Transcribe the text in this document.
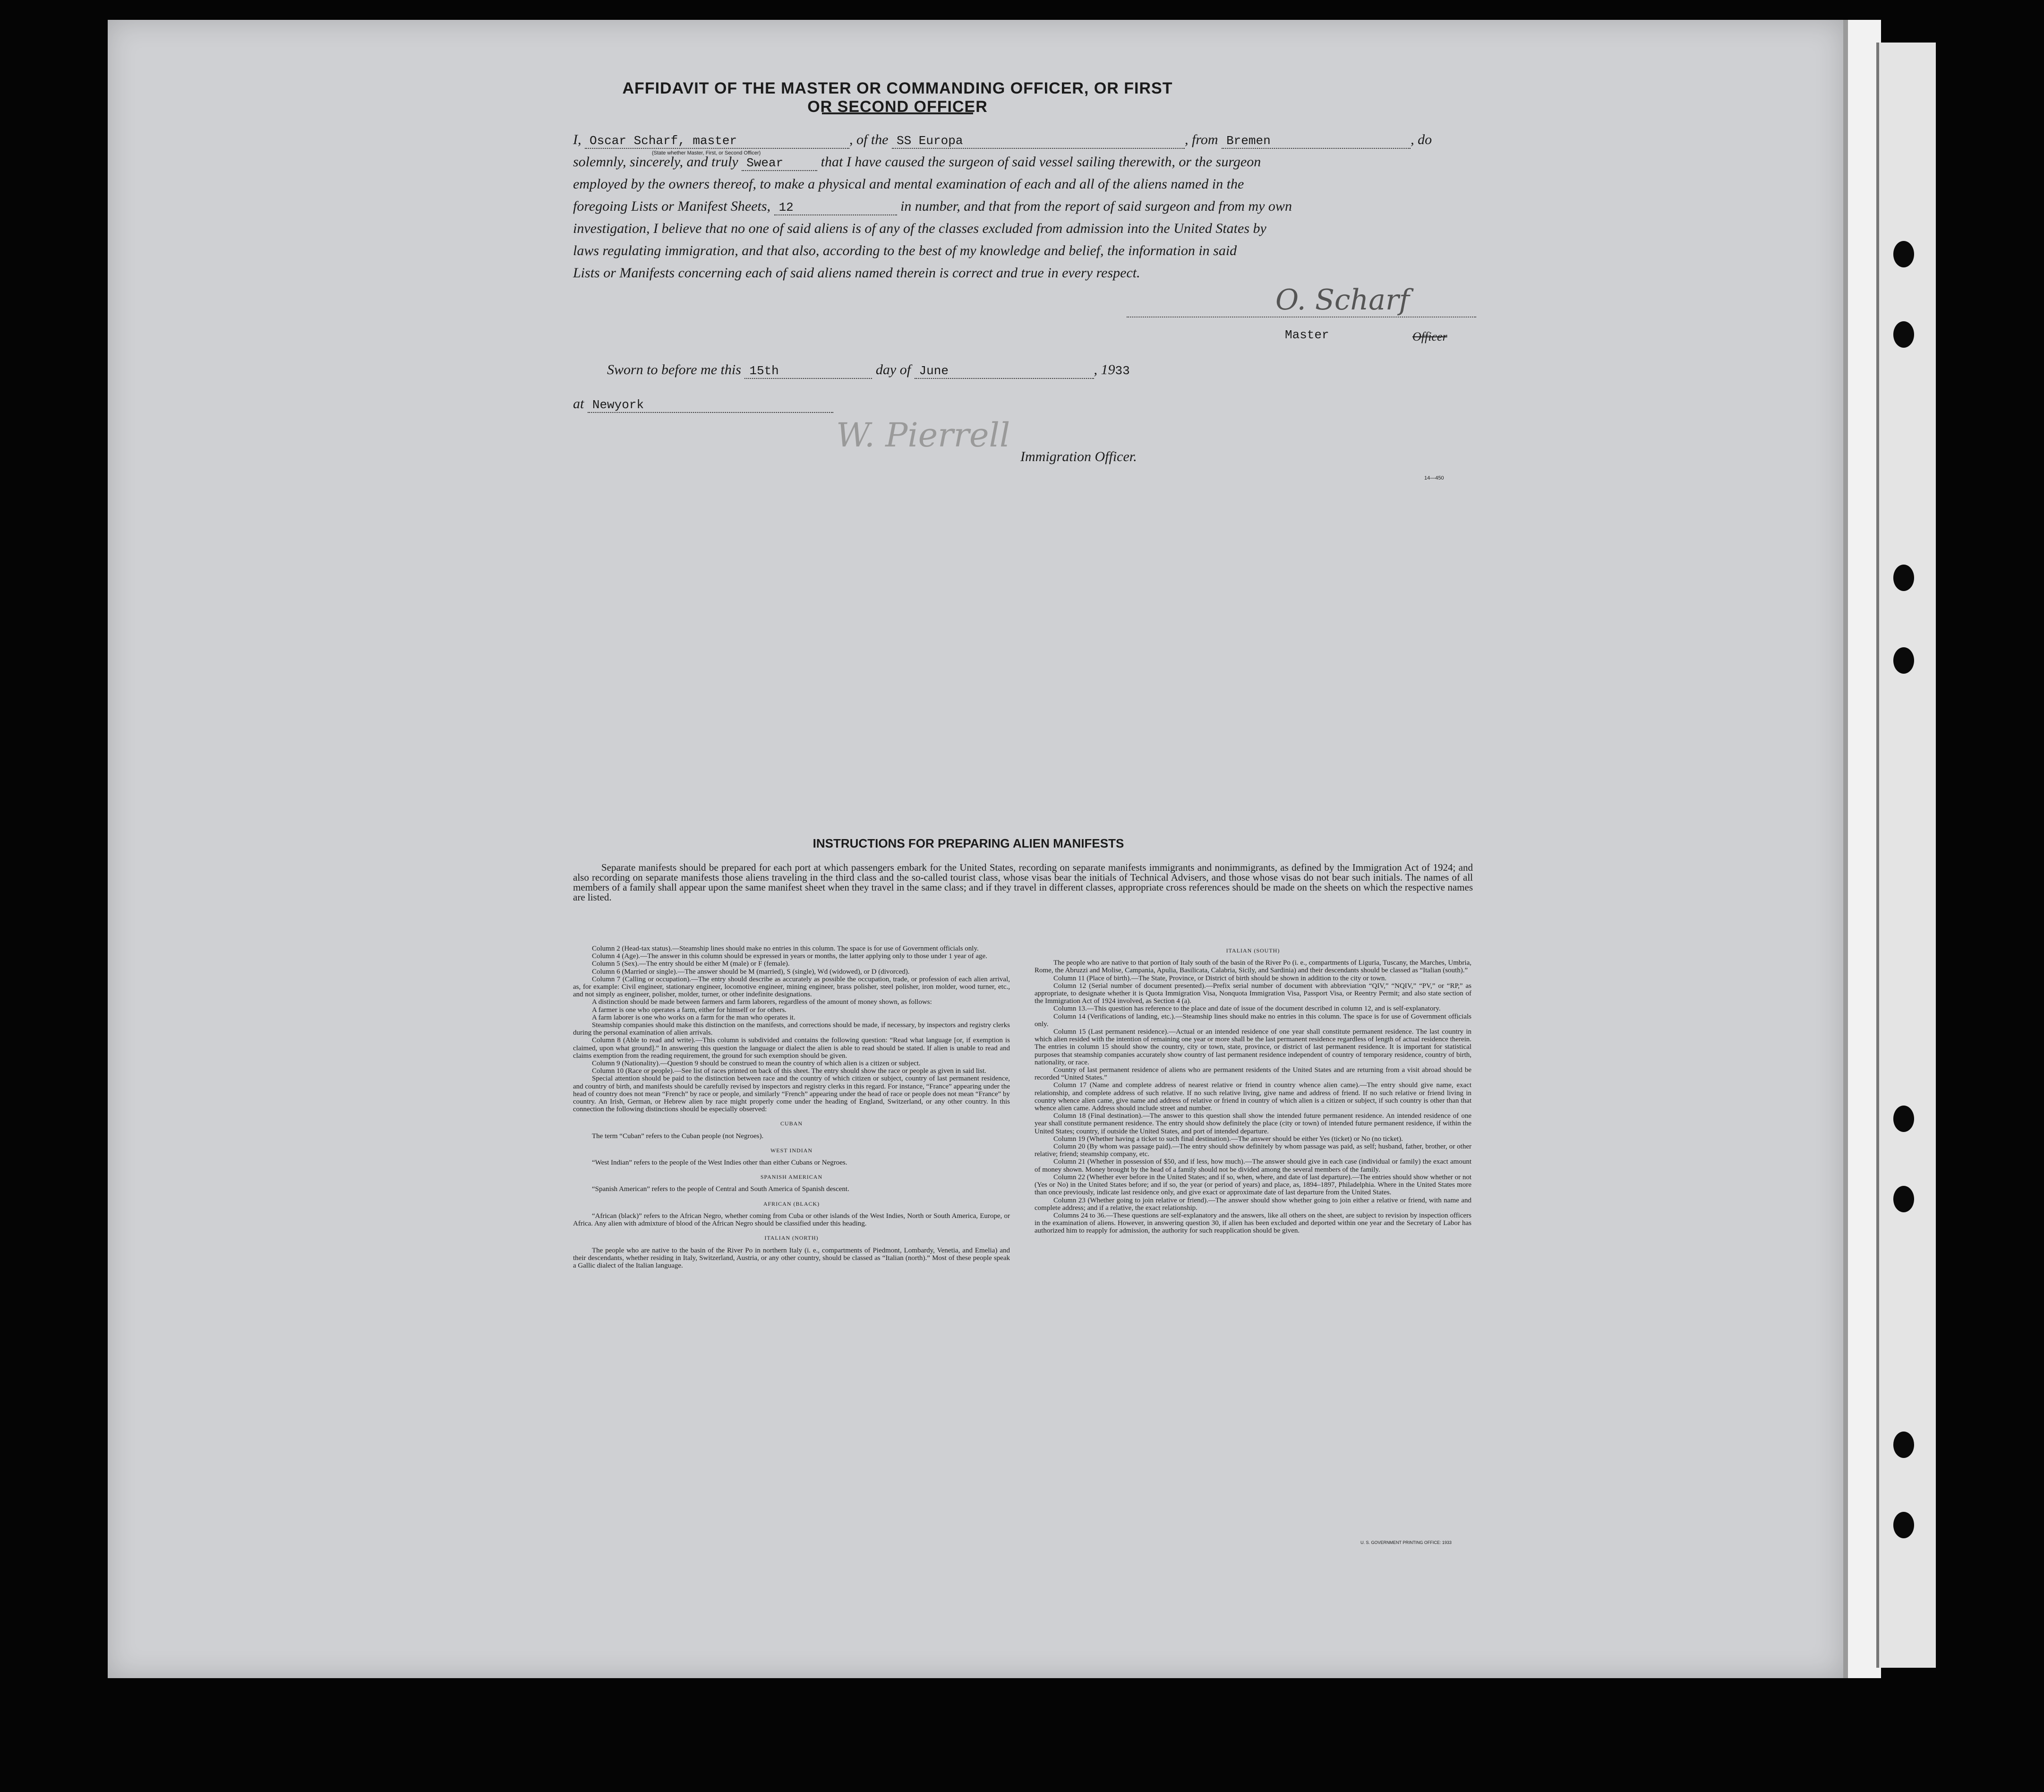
AFFIDAVIT OF THE MASTER OR COMMANDING OFFICER, OR FIRST OR SECOND OFFICER
I, Oscar Scharf, master	, of the SS Europa	, from Bremen	, do
solemnly, sincerely, and truly Swear	that I have caused the surgeon of said vessel sailing therewith, or the surgeon
employed by the owners thereof, to make a physical and mental examination of each and all of the aliens named in the
foregoing Lists or Manifest Sheets, 12	in number, and that from the report of said surgeon and from my own
investigation, I believe that no one of said aliens is of any of the classes excluded from admission into the United States by
laws regulating immigration, and that also, according to the best of my knowledge and belief, the information in said
Lists or Manifests concerning each of said aliens named therein is correct and true in every respect.
(State whether Master, First, or Second Officer)
O. Scharf
Master	Officer
Sworn to before me this 15th	day of June	, 1933
at Newyork
W. Pierrell
Immigration Officer.
14—450
INSTRUCTIONS FOR PREPARING ALIEN MANIFESTS
Separate manifests should be prepared for each port at which passengers embark for the United States, recording on separate manifests immigrants and nonimmigrants, as defined by the Immigration Act of 1924; and also recording on separate manifests those aliens traveling in the third class and the so-called tourist class, whose visas bear the initials of Technical Advisers, and those whose visas do not bear such initials. The names of all members of a family shall appear upon the same manifest sheet when they travel in the same class; and if they travel in different classes, appropriate cross references should be made on the sheets on which the respective names are listed.

Column 2 (Head-tax status).—Steamship lines should make no entries in this column. The space is for use of Government officials only.

Column 4 (Age).—The answer in this column should be expressed in years or months, the latter applying only to those under 1 year of age.

Column 5 (Sex).—The entry should be either M (male) or F (female).

Column 6 (Married or single).—The answer should be M (married), S (single), Wd (widowed), or D (divorced).

Column 7 (Calling or occupation).—The entry should describe as accurately as possible the occupation, trade, or profession of each alien arrival, as, for example: Civil engineer, stationary engineer, locomotive engineer, mining engineer, brass polisher, steel polisher, iron molder, wood turner, etc., and not simply as engineer, polisher, molder, turner, or other indefinite designations.

A distinction should be made between farmers and farm laborers, regardless of the amount of money shown, as follows:

A farmer is one who operates a farm, either for himself or for others.

A farm laborer is one who works on a farm for the man who operates it.

Steamship companies should make this distinction on the manifests, and corrections should be made, if necessary, by inspectors and registry clerks during the personal examination of alien arrivals.

Column 8 (Able to read and write).—This column is subdivided and contains the following question: “Read what language [or, if exemption is claimed, upon what ground].” In answering this question the language or dialect the alien is able to read should be stated. If alien is unable to read and claims exemption from the reading requirement, the ground for such exemption should be given.

Column 9 (Nationality).—Question 9 should be construed to mean the country of which alien is a citizen or subject.

Column 10 (Race or people).—See list of races printed on back of this sheet. The entry should show the race or people as given in said list.

Special attention should be paid to the distinction between race and the country of which citizen or subject, country of last permanent residence, and country of birth, and manifests should be carefully revised by inspectors and registry clerks in this regard. For instance, “France” appearing under the head of country does not mean “French” by race or people, and similarly “French” appearing under the head of race or people does not mean “France” by country. An Irish, German, or Hebrew alien by race might properly come under the heading of England, Switzerland, or any other country. In this connection the following distinctions should be especially observed:

CUBAN

The term “Cuban” refers to the Cuban people (not Negroes).

WEST INDIAN

“West Indian” refers to the people of the West Indies other than either Cubans or Negroes.

SPANISH AMERICAN

“Spanish American” refers to the people of Central and South America of Spanish descent.

AFRICAN (BLACK)

“African (black)” refers to the African Negro, whether coming from Cuba or other islands of the West Indies, North or South America, Europe, or Africa. Any alien with admixture of blood of the African Negro should be classified under this heading.

ITALIAN (NORTH)

The people who are native to the basin of the River Po in northern Italy (i. e., compartments of Piedmont, Lombardy, Venetia, and Emelia) and their descendants, whether residing in Italy, Switzerland, Austria, or any other country, should be classed as “Italian (north).” Most of these people speak a Gallic dialect of the Italian language.

ITALIAN (SOUTH)

The people who are native to that portion of Italy south of the basin of the River Po (i. e., compartments of Liguria, Tuscany, the Marches, Umbria, Rome, the Abruzzi and Molise, Campania, Apulia, Basilicata, Calabria, Sicily, and Sardinia) and their descendants should be classed as “Italian (south).”

Column 11 (Place of birth).—The State, Province, or District of birth should be shown in addition to the city or town.

Column 12 (Serial number of document presented).—Prefix serial number of document with abbreviation “QIV,” “NQIV,” “PV,” or “RP,” as appropriate, to designate whether it is Quota Immigration Visa, Nonquota Immigration Visa, Passport Visa, or Reentry Permit; and also state section of the Immigration Act of 1924 involved, as Section 4 (a).

Column 13.—This question has reference to the place and date of issue of the document described in column 12, and is self-explanatory.

Column 14 (Verifications of landing, etc.).—Steamship lines should make no entries in this column. The space is for use of Government officials only.

Column 15 (Last permanent residence).—Actual or an intended residence of one year shall constitute permanent residence. The last country in which alien resided with the intention of remaining one year or more shall be the last permanent residence regardless of length of actual residence therein. The entries in column 15 should show the country, city or town, state, province, or district of last permanent residence. It is important for statistical purposes that steamship companies accurately show country of last permanent residence independent of country of temporary residence, country of birth, nationality, or race.

Country of last permanent residence of aliens who are permanent residents of the United States and are returning from a visit abroad should be recorded “United States.”

Column 17 (Name and complete address of nearest relative or friend in country whence alien came).—The entry should give name, exact relationship, and complete address of such relative. If no such relative living, give name and address of friend. If no such relative or friend living in country whence alien came, give name and address of relative or friend in country of which alien is a citizen or subject, if such country is other than that whence alien came. Address should include street and number.

Column 18 (Final destination).—The answer to this question shall show the intended future permanent residence. An intended residence of one year shall constitute permanent residence. The entry should show definitely the place (city or town) of intended future permanent residence, if within the United States; country, if outside the United States, and port of intended departure.

Column 19 (Whether having a ticket to such final destination).—The answer should be either Yes (ticket) or No (no ticket).

Column 20 (By whom was passage paid).—The entry should show definitely by whom passage was paid, as self; husband, father, brother, or other relative; friend; steamship company, etc.

Column 21 (Whether in possession of $50, and if less, how much).—The answer should give in each case (individual or family) the exact amount of money shown. Money brought by the head of a family should not be divided among the several members of the family.

Column 22 (Whether ever before in the United States; and if so, when, where, and date of last departure).—The entries should show whether or not (Yes or No) in the United States before; and if so, the year (or period of years) and place, as, 1894–1897, Philadelphia. Where in the United States more than once previously, indicate last residence only, and give exact or approximate date of last departure from the United States.

Column 23 (Whether going to join relative or friend).—The answer should show whether going to join either a relative or friend, with name and complete address; and if a relative, the exact relationship.

Columns 24 to 36.—These questions are self-explanatory and the answers, like all others on the sheet, are subject to revision by inspection officers in the examination of aliens. However, in answering question 30, if alien has been excluded and deported within one year and the Secretary of Labor has authorized him to reapply for admission, the authority for such reapplication should be given.

U. S. GOVERNMENT PRINTING OFFICE: 1933
